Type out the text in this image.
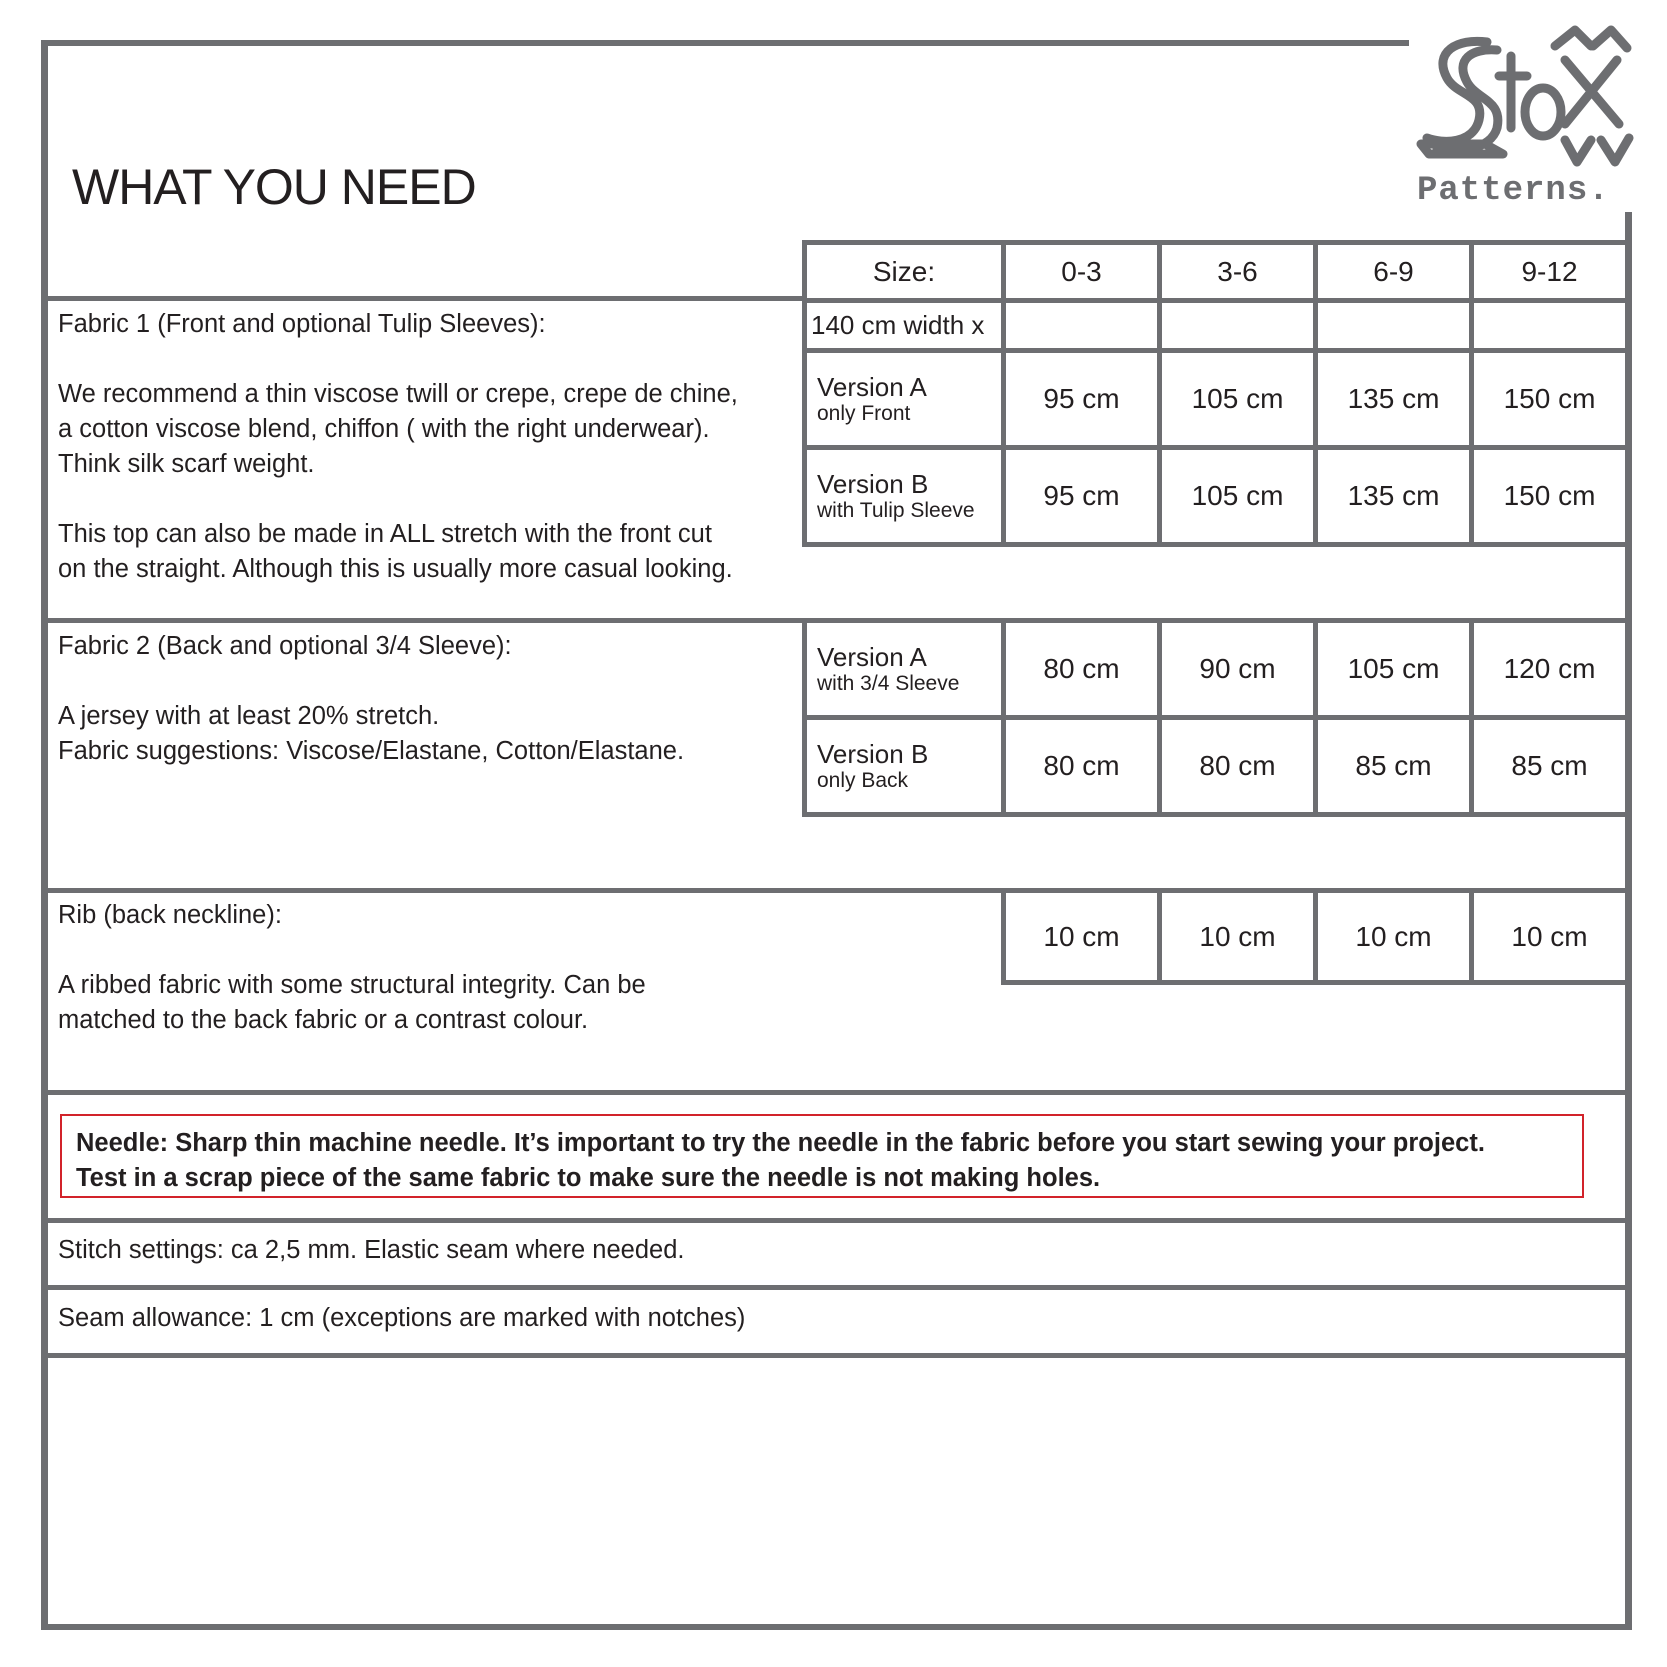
Patterns.
WHAT YOU NEED

Fabric 1 (Front and optional Tulip Sleeves):

We recommend a thin viscose twill or crepe, crepe de chine,

a cotton viscose blend, chiffon ( with the right underwear).

Think silk scarf weight.

This top can also be made in ALL stretch with the front cut

on the straight. Although this is usually more casual looking.

Size:	0-3	3-6	6-9	9-12
140 cm width x				

Version A
only Front	95 cm	105 cm	135 cm	150 cm

Version B
with Tulip Sleeve	95 cm	105 cm	135 cm	150 cm

Fabric 2 (Back and optional 3/4 Sleeve):

A jersey with at least 20% stretch.

Fabric suggestions: Viscose/Elastane, Cotton/Elastane.

Version A
with 3/4 Sleeve	80 cm	90 cm	105 cm	120 cm

Version B
only Back	80 cm	80 cm	85 cm	85 cm

Rib (back neckline):

A ribbed fabric with some structural integrity. Can be

matched to the back fabric or a contrast colour.

10 cm	10 cm	10 cm	10 cm

Needle: Sharp thin machine needle. It’s important to try the needle in the fabric before you start sewing your project.

Test in a scrap piece of the same fabric to make sure the needle is not making holes.

Stitch settings: ca 2,5 mm. Elastic seam where needed.
Seam allowance: 1 cm (exceptions are marked with notches)
